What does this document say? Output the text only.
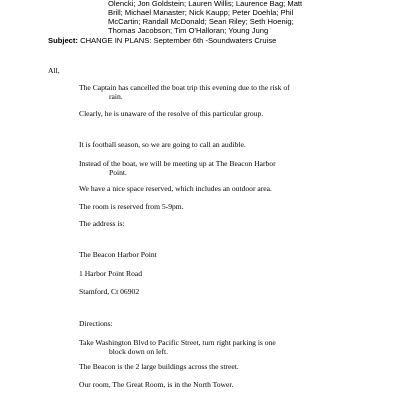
Olencki; Jon Goldstein; Lauren Willis; Laurence Bag; Matt
Brill; Michael Manaster; Nick Kaupp; Peter Doehla; Phil
McCartin; Randall McDonald; Sean Riley; Seth Hoenig;
Thomas Jacobson; Tim O'Halloran; Young Jung
Subject: CHANGE IN PLANS: September 6th -Soundwaters Cruise
All,
The Captain has cancelled the boat trip this evening due to the risk of
rain.
Clearly, he is unaware of the resolve of this particular group.
It is football season, so we are going to call an audible.
Instead of the boat, we will be meeting up at The Beacon Harbor
Point.
We have a nice space reserved, which includes an outdoor area.
The room is reserved from 5-9pm.
The address is:
The Beacon Harbor Point
1 Harbor Point Road
Stamford, Ct 06902
Directions:
Take Washington Blvd to Pacific Street, turn right parking is one
block down on left.
The Beacon is the 2 large buildings across the street.
Our room, The Great Room, is in the North Tower.
